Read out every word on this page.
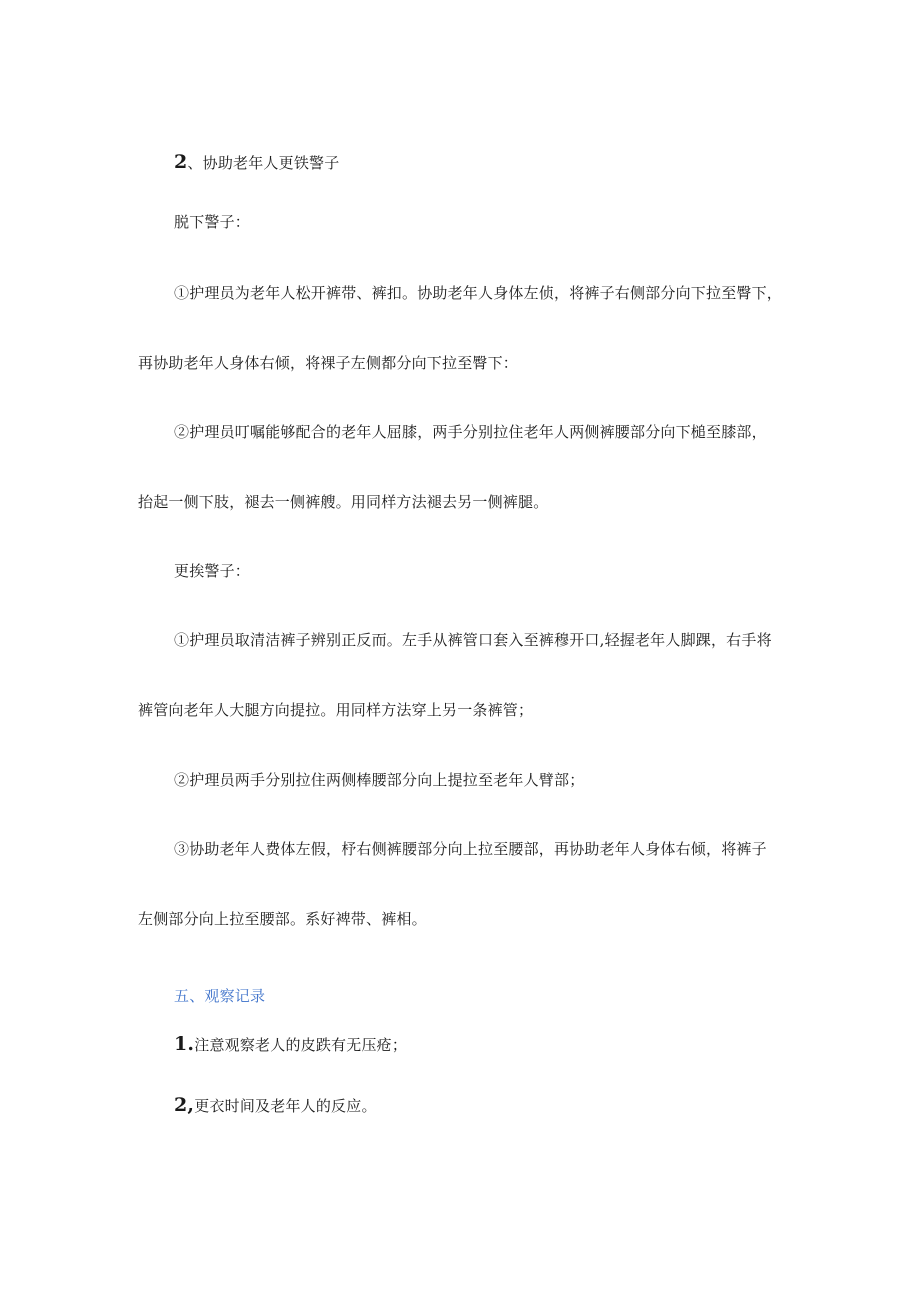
2、协助老年人更铁警子
脱下警子：
①护理员为老年人松开裤带、裤扣。协助老年人身体左侦，将裤子右侧部分向下拉至臀下，
再协助老年人身体右倾，将裸子左侧都分向下拉至臀下：
②护理员叮嘱能够配合的老年人屈膝，两手分别拉住老年人两侧裤腰部分向下槌至膝部，
抬起一侧下肢，褪去一侧裤艘。用同样方法褪去另一侧裤腿。
更挨警子：
①护理员取清洁裤子辨别正反而。左手从裤管口套入至裤穆开口,轻握老年人脚踝，右手将
裤管向老年人大腿方向提拉。用同样方法穿上另一条裤管；
②护理员两手分别拉住两侧棒腰部分向上提拉至老年人臂部；
③协助老年人费体左假，杼右侧裤腰部分向上拉至腰部，再协助老年人身体右倾，将裤子
左侧部分向上拉至腰部。系好裨带、裤相。
五、观察记录
1.注意观察老人的皮跌有无压疮；
2,更衣时间及老年人的反应。
